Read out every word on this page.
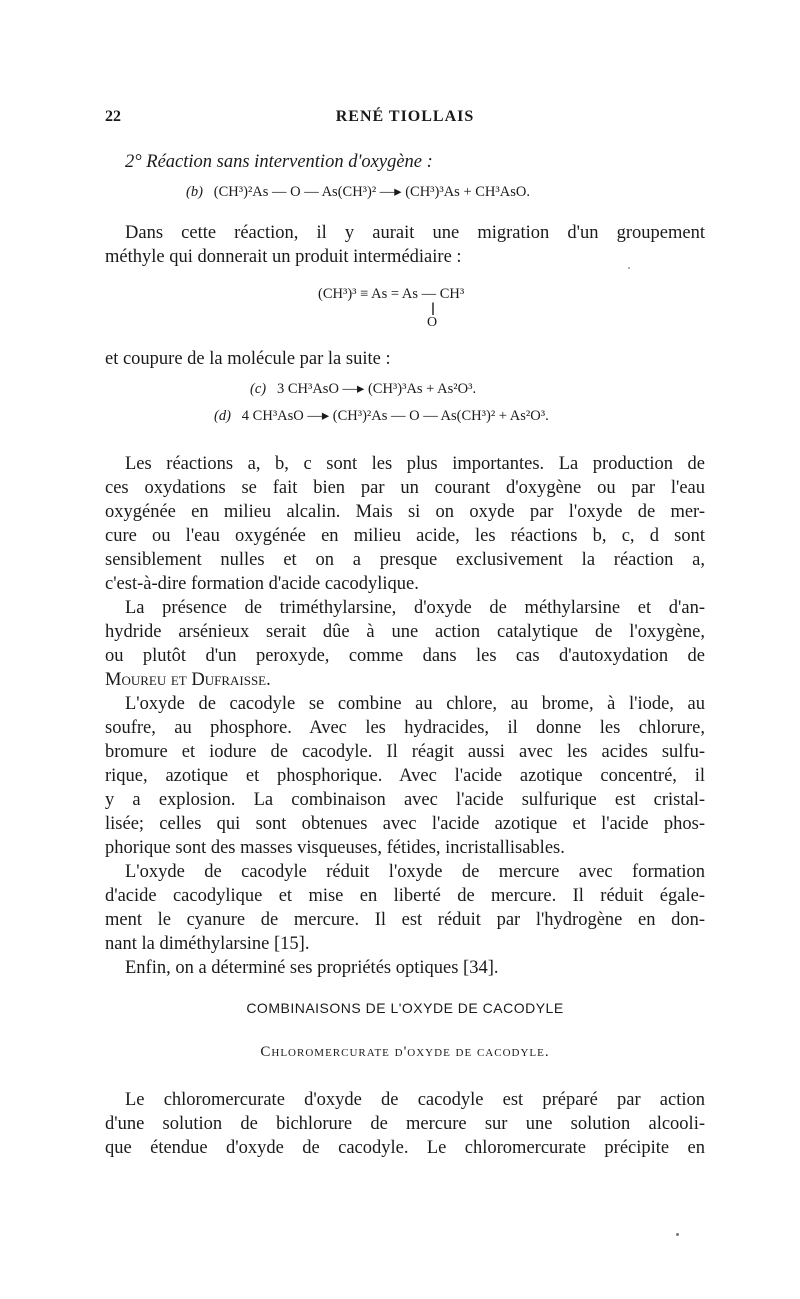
22	RENÉ TIOLLAIS
2° Réaction sans intervention d'oxygène :
(b) (CH³)²As — O — As(CH³)² —▸ (CH³)³As + CH³AsO.
Dans cette réaction, il y aurait une migration d'un groupement
méthyle qui donnerait un produit intermédiaire :
(CH³)³ ≡ As = As — CH³
||
O
et coupure de la molécule par la suite :
(c) 3 CH³AsO —▸ (CH³)³As + As²O³.
(d) 4 CH³AsO —▸ (CH³)²As — O — As(CH³)² + As²O³.
Les réactions a, b, c sont les plus importantes. La production de
ces oxydations se fait bien par un courant d'oxygène ou par l'eau
oxygénée en milieu alcalin. Mais si on oxyde par l'oxyde de mer-
cure ou l'eau oxygénée en milieu acide, les réactions b, c, d sont
sensiblement nulles et on a presque exclusivement la réaction a,
c'est-à-dire formation d'acide cacodylique.
La présence de triméthylarsine, d'oxyde de méthylarsine et d'an-
hydride arsénieux serait dûe à une action catalytique de l'oxygène,
ou plutôt d'un peroxyde, comme dans les cas d'autoxydation de
Moureu et Dufraisse.
L'oxyde de cacodyle se combine au chlore, au brome, à l'iode, au
soufre, au phosphore. Avec les hydracides, il donne les chlorure,
bromure et iodure de cacodyle. Il réagit aussi avec les acides sulfu-
rique, azotique et phosphorique. Avec l'acide azotique concentré, il
y a explosion. La combinaison avec l'acide sulfurique est cristal-
lisée; celles qui sont obtenues avec l'acide azotique et l'acide phos-
phorique sont des masses visqueuses, fétides, incristallisables.
L'oxyde de cacodyle réduit l'oxyde de mercure avec formation
d'acide cacodylique et mise en liberté de mercure. Il réduit égale-
ment le cyanure de mercure. Il est réduit par l'hydrogène en don-
nant la diméthylarsine [15].
Enfin, on a déterminé ses propriétés optiques [34].
COMBINAISONS DE L'OXYDE DE CACODYLE
Chloromercurate d'oxyde de cacodyle.
Le chloromercurate d'oxyde de cacodyle est préparé par action
d'une solution de bichlorure de mercure sur une solution alcooli-
que étendue d'oxyde de cacodyle. Le chloromercurate précipite en
